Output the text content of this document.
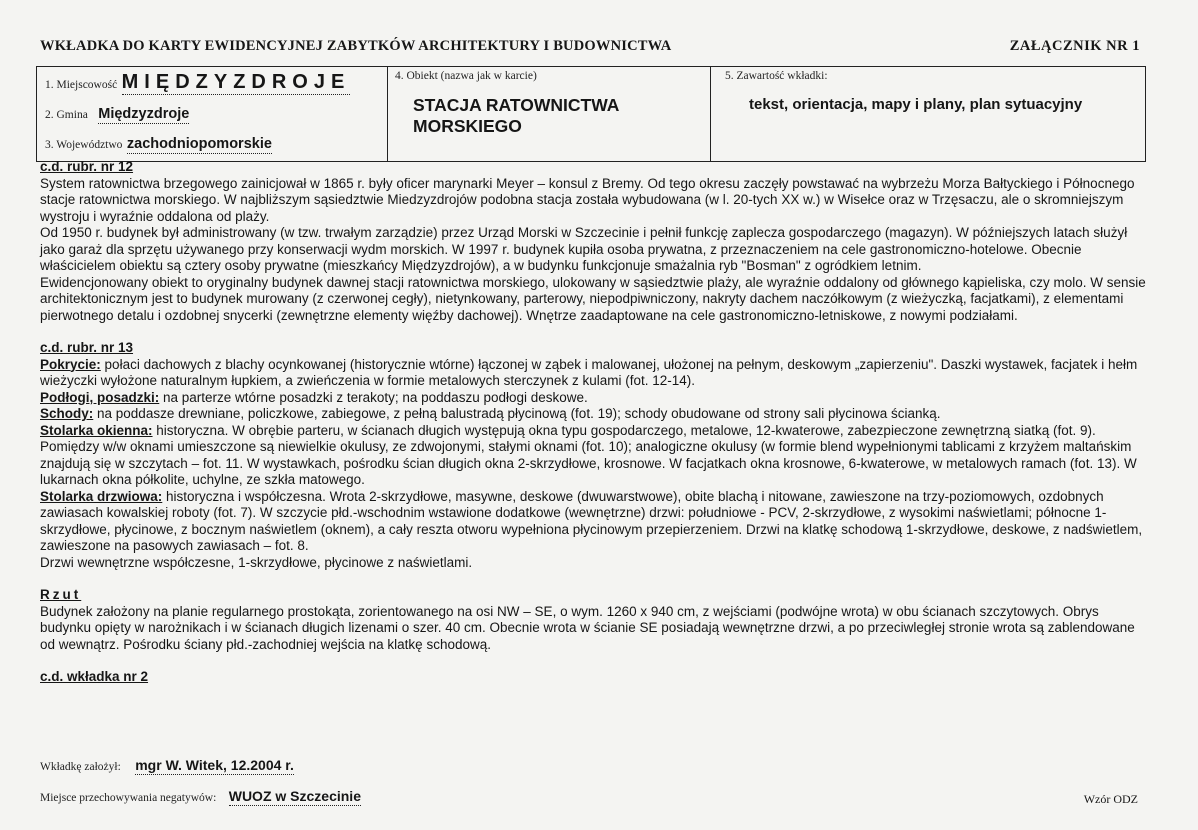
WKŁADKA DO KARTY EWIDENCYJNEJ ZABYTKÓW ARCHITEKTURY I BUDOWNICTWA	ZAŁĄCZNIK NR 1
1. Miejscowość MIĘDZYZDROJE
2. Gmina Międzyzdroje
3. Województwo zachodniopomorskie
4. Obiekt (nazwa jak w karcie)
STACJA RATOWNICTWA MORSKIEGO
5. Zawartość wkładki:
tekst, orientacja, mapy i plany, plan sytuacyjny
c.d. rubr. nr 12

System ratownictwa brzegowego zainicjował w 1865 r. były oficer marynarki Meyer – konsul z Bremy. Od tego okresu zaczęły powstawać na wybrzeżu Morza Bałtyckiego i Północnego stacje ratownictwa morskiego. W najbliższym sąsiedztwie Miedzyzdrojów podobna stacja została wybudowana (w l. 20-tych XX w.) w Wisełce oraz w Trzęsaczu, ale o skromniejszym wystroju i wyraźnie oddalona od plaży.

Od 1950 r. budynek był administrowany (w tzw. trwałym zarządzie) przez Urząd Morski w Szczecinie i pełnił funkcję zaplecza gospodarczego (magazyn). W późniejszych latach służył jako garaż dla sprzętu używanego przy konserwacji wydm morskich. W 1997 r. budynek kupiła osoba prywatna, z przeznaczeniem na cele gastronomiczno-hotelowe. Obecnie właścicielem obiektu są cztery osoby prywatne (mieszkańcy Międzyzdrojów), a w budynku funkcjonuje smażalnia ryb "Bosman" z ogródkiem letnim.

Ewidencjonowany obiekt to oryginalny budynek dawnej stacji ratownictwa morskiego, ulokowany w sąsiedztwie plaży, ale wyraźnie oddalony od głównego kąpieliska, czy molo. W sensie architektonicznym jest to budynek murowany (z czerwonej cegły), nietynkowany, parterowy, niepodpiwniczony, nakryty dachem naczółkowym (z wieżyczką, facjatkami), z elementami pierwotnego detalu i ozdobnej snycerki (zewnętrzne elementy więźby dachowej). Wnętrze zaadaptowane na cele gastronomiczno-letniskowe, z nowymi podziałami.

c.d. rubr. nr 13

Pokrycie: połaci dachowych z blachy ocynkowanej (historycznie wtórne) łączonej w ząbek i malowanej, ułożonej na pełnym, deskowym „zapierzeniu". Daszki wystawek, facjatek i hełm wieżyczki wyłożone naturalnym łupkiem, a zwieńczenia w formie metalowych sterczynek z kulami (fot. 12-14).

Podłogi, posadzki: na parterze wtórne posadzki z terakoty; na poddaszu podłogi deskowe.

Schody: na poddasze drewniane, policzkowe, zabiegowe, z pełną balustradą płycinową (fot. 19); schody obudowane od strony sali płycinowa ścianką.

Stolarka okienna: historyczna. W obrębie parteru, w ścianach długich występują okna typu gospodarczego, metalowe, 12-kwaterowe, zabezpieczone zewnętrzną siatką (fot. 9). Pomiędzy w/w oknami umieszczone są niewielkie okulusy, ze zdwojonymi, stałymi oknami (fot. 10); analogiczne okulusy (w formie blend wypełnionymi tablicami z krzyżem maltańskim znajdują się w szczytach – fot. 11. W wystawkach, pośrodku ścian długich okna 2-skrzydłowe, krosnowe. W facjatkach okna krosnowe, 6-kwaterowe, w metalowych ramach (fot. 13). W lukarnach okna półkolite, uchylne, ze szkła matowego.

Stolarka drzwiowa: historyczna i współczesna. Wrota 2-skrzydłowe, masywne, deskowe (dwuwarstwowe), obite blachą i nitowane, zawieszone na trzy-poziomowych, ozdobnych zawiasach kowalskiej roboty (fot. 7). W szczycie płd.-wschodnim wstawione dodatkowe (wewnętrzne) drzwi: południowe - PCV, 2-skrzydłowe, z wysokimi naświetlami; północne 1-skrzydłowe, płycinowe, z bocznym naświetlem (oknem), a cały reszta otworu wypełniona płycinowym przepierzeniem. Drzwi na klatkę schodową 1-skrzydłowe, deskowe, z nadświetlem, zawieszone na pasowych zawiasach – fot. 8.

Drzwi wewnętrzne współczesne, 1-skrzydłowe, płycinowe z naświetlami.

Rzut

Budynek założony na planie regularnego prostokąta, zorientowanego na osi NW – SE, o wym. 1260 x 940 cm, z wejściami (podwójne wrota) w obu ścianach szczytowych. Obrys budynku opięty w narożnikach i w ścianach długich lizenami o szer. 40 cm. Obecnie wrota w ścianie SE posiadają wewnętrzne drzwi, a po przeciwległej stronie wrota są zablendowane od wewnątrz. Pośrodku ściany płd.-zachodniej wejścia na klatkę schodową.

c.d. wkładka nr 2
Wkładkę założył: mgr W. Witek, 12.2004 r.
Miejsce przechowywania negatywów: WUOZ w Szczecinie	Wzór ODZ
